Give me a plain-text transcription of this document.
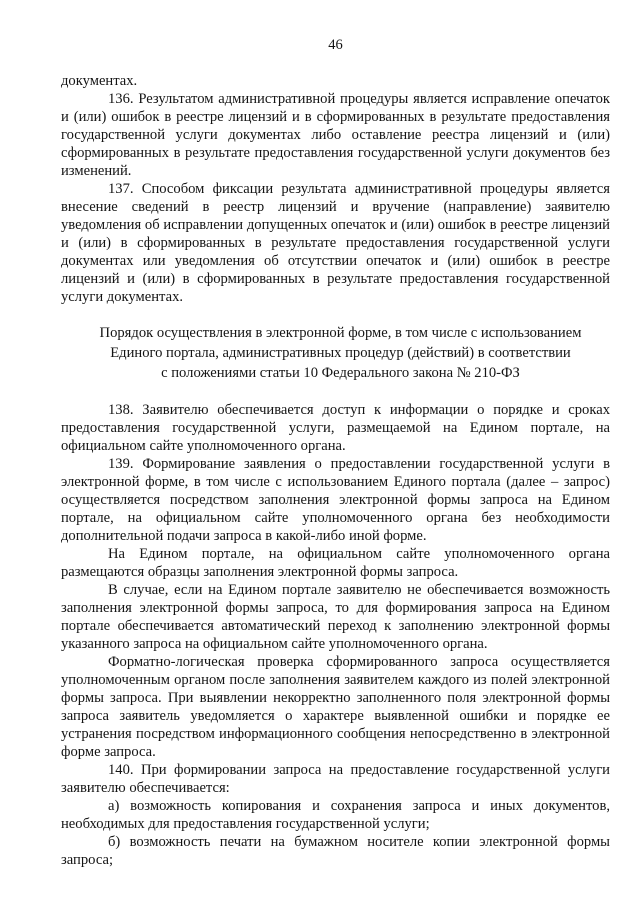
46

документах.

136. Результатом административной процедуры является исправление опечаток и (или) ошибок в реестре лицензий и в сформированных в результате предоставления государственной услуги документах либо оставление реестра лицензий и (или) сформированных в результате предоставления государственной услуги документов без изменений.

137. Способом фиксации результата административной процедуры является внесение сведений в реестр лицензий и вручение (направление) заявителю уведомления об исправлении допущенных опечаток и (или) ошибок в реестре лицензий и (или) в сформированных в результате предоставления государственной услуги документах или уведомления об отсутствии опечаток и (или) ошибок в реестре лицензий и (или) в сформированных в результате предоставления государственной услуги документах.

Порядок осуществления в электронной форме, в том числе с использованием
Единого портала, административных процедур (действий) в соответствии
с положениями статьи 10 Федерального закона № 210-ФЗ

138. Заявителю обеспечивается доступ к информации о порядке и сроках предоставления государственной услуги, размещаемой на Едином портале, на официальном сайте уполномоченного органа.

139. Формирование заявления о предоставлении государственной услуги в электронной форме, в том числе с использованием Единого портала (далее – запрос) осуществляется посредством заполнения электронной формы запроса на Едином портале, на официальном сайте уполномоченного органа без необходимости дополнительной подачи запроса в какой-либо иной форме.

На Едином портале, на официальном сайте уполномоченного органа размещаются образцы заполнения электронной формы запроса.

В случае, если на Едином портале заявителю не обеспечивается возможность заполнения электронной формы запроса, то для формирования запроса на Едином портале обеспечивается автоматический переход к заполнению электронной формы указанного запроса на официальном сайте уполномоченного органа.

Форматно-логическая проверка сформированного запроса осуществляется уполномоченным органом после заполнения заявителем каждого из полей электронной формы запроса. При выявлении некорректно заполненного поля электронной формы запроса заявитель уведомляется о характере выявленной ошибки и порядке ее устранения посредством информационного сообщения непосредственно в электронной форме запроса.

140. При формировании запроса на предоставление государственной услуги заявителю обеспечивается:

а) возможность копирования и сохранения запроса и иных документов, необходимых для предоставления государственной услуги;

б) возможность печати на бумажном носителе копии электронной формы запроса;
